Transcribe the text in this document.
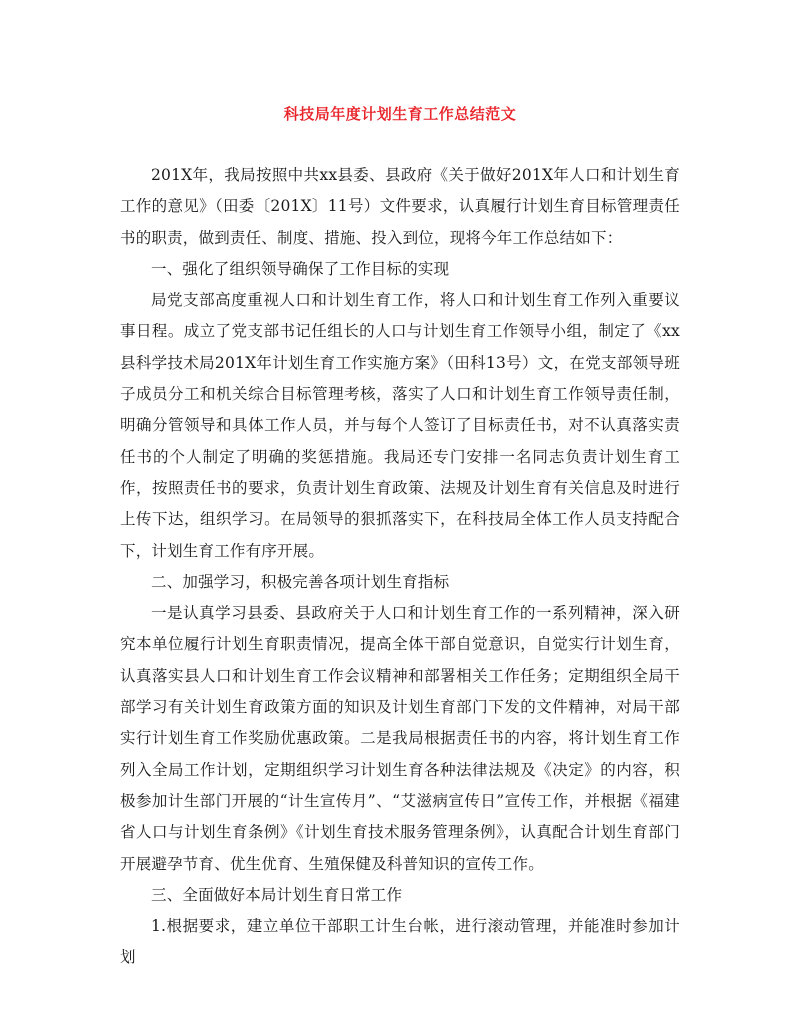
科技局年度计划生育工作总结范文

201X年，我局按照中共xx县委、县政府《关于做好201X年人口和计划生育工作的意见》（田委〔201X〕11号）文件要求，认真履行计划生育目标管理责任书的职责，做到责任、制度、措施、投入到位，现将今年工作总结如下：

一、强化了组织领导确保了工作目标的实现

局党支部高度重视人口和计划生育工作，将人口和计划生育工作列入重要议事日程。成立了党支部书记任组长的人口与计划生育工作领导小组，制定了《xx县科学技术局201X年计划生育工作实施方案》（田科13号）文，在党支部领导班子成员分工和机关综合目标管理考核，落实了人口和计划生育工作领导责任制，明确分管领导和具体工作人员，并与每个人签订了目标责任书，对不认真落实责任书的个人制定了明确的奖惩措施。我局还专门安排一名同志负责计划生育工作，按照责任书的要求，负责计划生育政策、法规及计划生育有关信息及时进行上传下达，组织学习。在局领导的狠抓落实下，在科技局全体工作人员支持配合下，计划生育工作有序开展。

二、加强学习，积极完善各项计划生育指标

一是认真学习县委、县政府关于人口和计划生育工作的一系列精神，深入研究本单位履行计划生育职责情况，提高全体干部自觉意识，自觉实行计划生育，认真落实县人口和计划生育工作会议精神和部署相关工作任务；定期组织全局干部学习有关计划生育政策方面的知识及计划生育部门下发的文件精神，对局干部实行计划生育工作奖励优惠政策。二是我局根据责任书的内容，将计划生育工作列入全局工作计划，定期组织学习计划生育各种法律法规及《决定》的内容，积极参加计生部门开展的“计生宣传月”、“艾滋病宣传日”宣传工作，并根据《福建省人口与计划生育条例》《计划生育技术服务管理条例》，认真配合计划生育部门开展避孕节育、优生优育、生殖保健及科普知识的宣传工作。

三、全面做好本局计划生育日常工作

1.根据要求，建立单位干部职工计生台帐，进行滚动管理，并能准时参加计划
